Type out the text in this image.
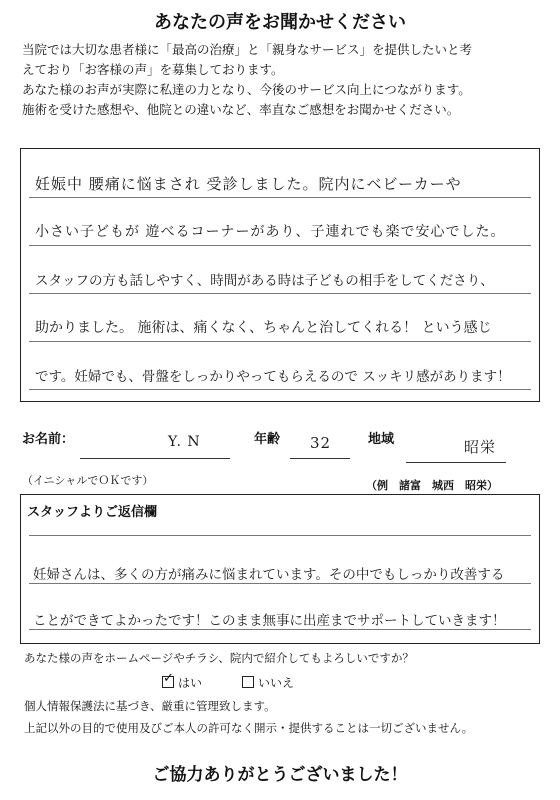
あなたの声をお聞かせください
当院では大切な患者様に「最高の治療」と「親身なサービス」を提供したいと考
えており「お客様の声」を募集しております。
あなた様のお声が実際に私達の力となり、今後のサービス向上につながります。
施術を受けた感想や、他院との違いなど、率直なご感想をお聞かせください。
妊娠中 腰痛に悩まされ 受診しました。院内にベビーカーや
小さい子どもが 遊べるコーナーがあり、子連れでも楽で安心でした。
スタッフの方も話しやすく、時間がある時は子どもの相手をしてくださり、
助かりました。 施術は、痛くなく、ちゃんと治してくれる！ という感じ
です。妊婦でも、骨盤をしっかりやってもらえるので スッキリ感があります！
お名前：	Y. N	年齢 32	地域	昭栄
（イニシャルでＯＫです）	（例　諸富　城西　昭栄）
スタッフよりご返信欄
妊婦さんは、多くの方が痛みに悩まれています。その中でもしっかり改善する
ことができてよかったです！このまま無事に出産までサポートしていきます！
あなた様の声をホームページやチラシ、院内で紹介してもよろしいですか？
✓はい	いいえ
個人情報保護法に基づき、厳重に管理致します。
上記以外の目的で使用及びご本人の許可なく開示・提供することは一切ございません。
ご協力ありがとうございました！
